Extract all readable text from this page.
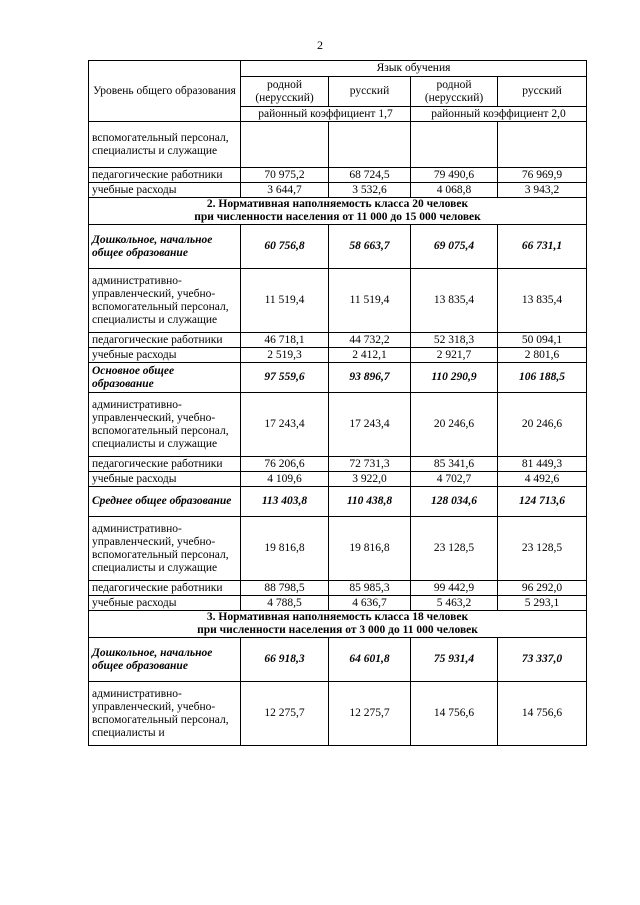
2
Уровень общего образования	Язык обучения			
	родной (нерусский)	русский	родной (нерусский)	русский
	районный коэффициент 1,7		районный коэффициент 2,0	
вспомогательный персонал, специалисты и служащие				
педагогические работники	70 975,2	68 724,5	79 490,6	76 969,9
учебные расходы	3 644,7	3 532,6	4 068,8	3 943,2

2. Нормативная наполняемость класса 20 человек
при численности населения от 11 000 до 15 000 человек				

Дошкольное, начальное общее образование	60 756,8	58 663,7	69 075,4	66 731,1
административно-управленческий, учебно-вспомогательный персонал, специалисты и служащие	11 519,4	11 519,4	13 835,4	13 835,4
педагогические работники	46 718,1	44 732,2	52 318,3	50 094,1
учебные расходы	2 519,3	2 412,1	2 921,7	2 801,6
Основное общее образование	97 559,6	93 896,7	110 290,9	106 188,5
административно-управленческий, учебно-вспомогательный персонал, специалисты и служащие	17 243,4	17 243,4	20 246,6	20 246,6
педагогические работники	76 206,6	72 731,3	85 341,6	81 449,3
учебные расходы	4 109,6	3 922,0	4 702,7	4 492,6
Среднее общее образование	113 403,8	110 438,8	128 034,6	124 713,6
административно-управленческий, учебно-вспомогательный персонал, специалисты и служащие	19 816,8	19 816,8	23 128,5	23 128,5
педагогические работники	88 798,5	85 985,3	99 442,9	96 292,0
учебные расходы	4 788,5	4 636,7	5 463,2	5 293,1

3. Нормативная наполняемость класса 18 человек
при численности населения от 3 000 до 11 000 человек				

Дошкольное, начальное общее образование	66 918,3	64 601,8	75 931,4	73 337,0
административно-управленческий, учебно-вспомогательный персонал, специалисты и	12 275,7	12 275,7	14 756,6	14 756,6
